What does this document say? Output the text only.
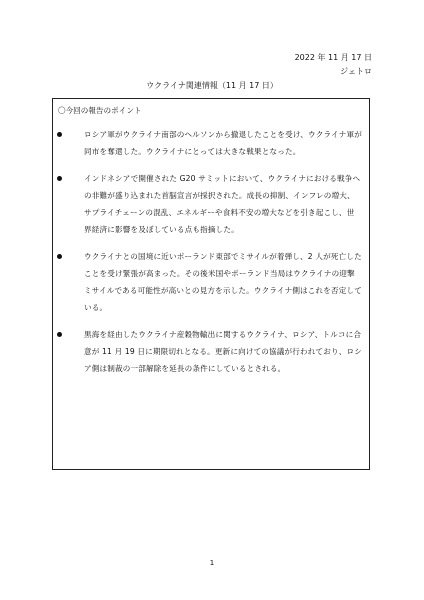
2022 年 11 月 17 日
ジェトロ
ウクライナ関連情報（11 月 17 日）
〇今回の報告のポイント
ロシア軍がウクライナ南部のヘルソンから撤退したことを受け、ウクライナ軍が同市を奪還した。ウクライナにとっては大きな戦果となった。
インドネシアで開催された G20 サミットにおいて、ウクライナにおける戦争への非難が盛り込まれた首脳宣言が採択された。成長の抑制、インフレの増大、サプライチェーンの混乱、エネルギーや食料不安の増大などを引き起こし、世界経済に影響を及ぼしている点も指摘した。
ウクライナとの国境に近いポーランド東部でミサイルが着弾し、2 人が死亡したことを受け緊張が高まった。その後米国やポーランド当局はウクライナの迎撃ミサイルである可能性が高いとの見方を示した。ウクライナ側はこれを否定している。
黒海を経由したウクライナ産穀物輸出に関するウクライナ、ロシア、トルコに合意が 11 月 19 日に期限切れとなる。更新に向けての協議が行われており、ロシア側は制裁の一部解除を延長の条件にしているとされる。
1
